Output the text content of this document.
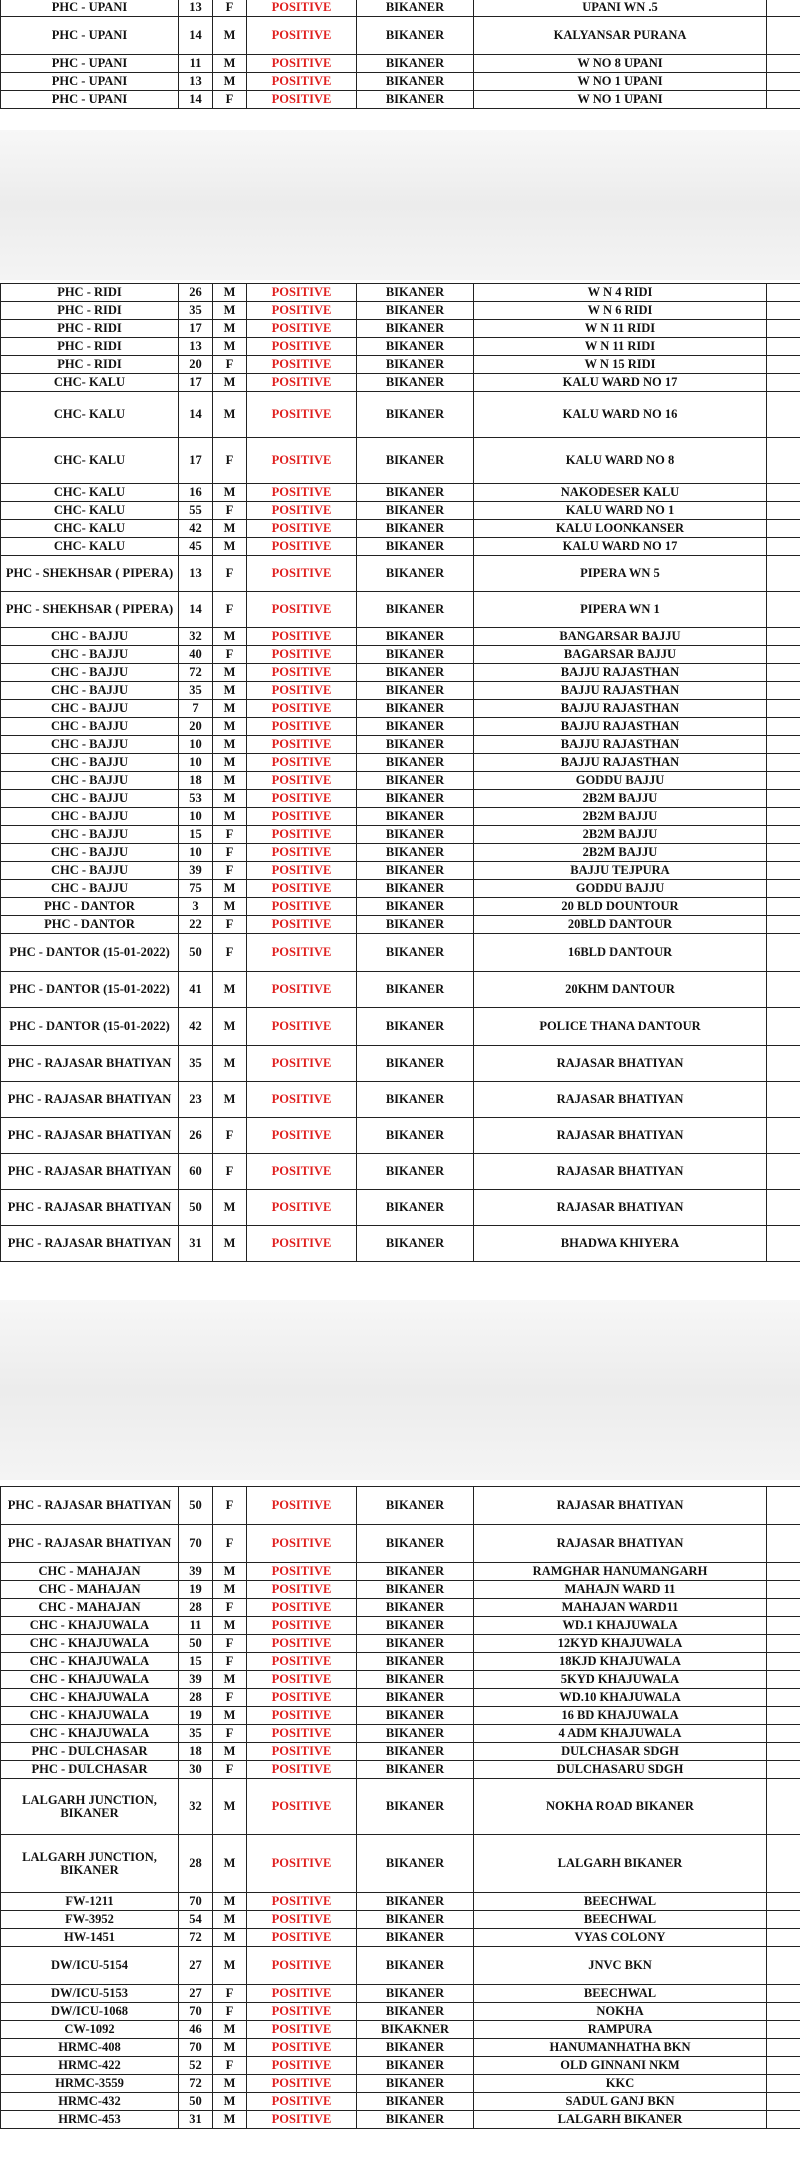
PHC - UPANI	13	F	POSITIVE	BIKANER	UPANI WN .5	
PHC - UPANI	14	M	POSITIVE	BIKANER	KALYANSAR PURANA	
PHC - UPANI	11	M	POSITIVE	BIKANER	W NO 8 UPANI	
PHC - UPANI	13	M	POSITIVE	BIKANER	W NO 1 UPANI	
PHC - UPANI	14	F	POSITIVE	BIKANER	W NO 1 UPANI	
PHC - RIDI	26	M	POSITIVE	BIKANER	W N 4 RIDI	
PHC - RIDI	35	M	POSITIVE	BIKANER	W N 6 RIDI	
PHC - RIDI	17	M	POSITIVE	BIKANER	W N 11 RIDI	
PHC - RIDI	13	M	POSITIVE	BIKANER	W N 11 RIDI	
PHC - RIDI	20	F	POSITIVE	BIKANER	W N 15 RIDI	
CHC- KALU	17	M	POSITIVE	BIKANER	KALU WARD NO 17	
CHC- KALU	14	M	POSITIVE	BIKANER	KALU WARD NO 16	
CHC- KALU	17	F	POSITIVE	BIKANER	KALU WARD NO 8	
CHC- KALU	16	M	POSITIVE	BIKANER	NAKODESER KALU	
CHC- KALU	55	F	POSITIVE	BIKANER	KALU WARD NO 1	
CHC- KALU	42	M	POSITIVE	BIKANER	KALU LOONKANSER	
CHC- KALU	45	M	POSITIVE	BIKANER	KALU WARD NO 17	
PHC - SHEKHSAR ( PIPERA)	13	F	POSITIVE	BIKANER	PIPERA WN 5	
PHC - SHEKHSAR ( PIPERA)	14	F	POSITIVE	BIKANER	PIPERA WN 1	
CHC - BAJJU	32	M	POSITIVE	BIKANER	BANGARSAR BAJJU	
CHC - BAJJU	40	F	POSITIVE	BIKANER	BAGARSAR BAJJU	
CHC - BAJJU	72	M	POSITIVE	BIKANER	BAJJU RAJASTHAN	
CHC - BAJJU	35	M	POSITIVE	BIKANER	BAJJU RAJASTHAN	
CHC - BAJJU	7	M	POSITIVE	BIKANER	BAJJU RAJASTHAN	
CHC - BAJJU	20	M	POSITIVE	BIKANER	BAJJU RAJASTHAN	
CHC - BAJJU	10	M	POSITIVE	BIKANER	BAJJU RAJASTHAN	
CHC - BAJJU	10	M	POSITIVE	BIKANER	BAJJU RAJASTHAN	
CHC - BAJJU	18	M	POSITIVE	BIKANER	GODDU BAJJU	
CHC - BAJJU	53	M	POSITIVE	BIKANER	2B2M BAJJU	
CHC - BAJJU	10	M	POSITIVE	BIKANER	2B2M BAJJU	
CHC - BAJJU	15	F	POSITIVE	BIKANER	2B2M BAJJU	
CHC - BAJJU	10	F	POSITIVE	BIKANER	2B2M BAJJU	
CHC - BAJJU	39	F	POSITIVE	BIKANER	BAJJU TEJPURA	
CHC - BAJJU	75	M	POSITIVE	BIKANER	GODDU BAJJU	
PHC - DANTOR	3	M	POSITIVE	BIKANER	20 BLD DOUNTOUR	
PHC - DANTOR	22	F	POSITIVE	BIKANER	20BLD DANTOUR	
PHC - DANTOR (15-01-2022)	50	F	POSITIVE	BIKANER	16BLD DANTOUR	
PHC - DANTOR (15-01-2022)	41	M	POSITIVE	BIKANER	20KHM DANTOUR	
PHC - DANTOR (15-01-2022)	42	M	POSITIVE	BIKANER	POLICE THANA DANTOUR	
PHC - RAJASAR BHATIYAN	35	M	POSITIVE	BIKANER	RAJASAR BHATIYAN	
PHC - RAJASAR BHATIYAN	23	M	POSITIVE	BIKANER	RAJASAR BHATIYAN	
PHC - RAJASAR BHATIYAN	26	F	POSITIVE	BIKANER	RAJASAR BHATIYAN	
PHC - RAJASAR BHATIYAN	60	F	POSITIVE	BIKANER	RAJASAR BHATIYAN	
PHC - RAJASAR BHATIYAN	50	M	POSITIVE	BIKANER	RAJASAR BHATIYAN	
PHC - RAJASAR BHATIYAN	31	M	POSITIVE	BIKANER	BHADWA KHIYERA	
PHC - RAJASAR BHATIYAN	50	F	POSITIVE	BIKANER	RAJASAR BHATIYAN	
PHC - RAJASAR BHATIYAN	70	F	POSITIVE	BIKANER	RAJASAR BHATIYAN	
CHC - MAHAJAN	39	M	POSITIVE	BIKANER	RAMGHAR HANUMANGARH	
CHC - MAHAJAN	19	M	POSITIVE	BIKANER	MAHAJN WARD 11	
CHC - MAHAJAN	28	F	POSITIVE	BIKANER	MAHAJAN WARD11	
CHC - KHAJUWALA	11	M	POSITIVE	BIKANER	WD.1 KHAJUWALA	
CHC - KHAJUWALA	50	F	POSITIVE	BIKANER	12KYD KHAJUWALA	
CHC - KHAJUWALA	15	F	POSITIVE	BIKANER	18KJD KHAJUWALA	
CHC - KHAJUWALA	39	M	POSITIVE	BIKANER	5KYD KHAJUWALA	
CHC - KHAJUWALA	28	F	POSITIVE	BIKANER	WD.10 KHAJUWALA	
CHC - KHAJUWALA	19	M	POSITIVE	BIKANER	16 BD KHAJUWALA	
CHC - KHAJUWALA	35	F	POSITIVE	BIKANER	4 ADM KHAJUWALA	
PHC - DULCHASAR	18	M	POSITIVE	BIKANER	DULCHASAR SDGH	
PHC - DULCHASAR	30	F	POSITIVE	BIKANER	DULCHASARU SDGH	
LALGARH JUNCTION, BIKANER	32	M	POSITIVE	BIKANER	NOKHA ROAD BIKANER	
LALGARH JUNCTION, BIKANER	28	M	POSITIVE	BIKANER	LALGARH BIKANER	
FW-1211	70	M	POSITIVE	BIKANER	BEECHWAL	
FW-3952	54	M	POSITIVE	BIKANER	BEECHWAL	
HW-1451	72	M	POSITIVE	BIKANER	VYAS COLONY	
DW/ICU-5154	27	M	POSITIVE	BIKANER	JNVC BKN	
DW/ICU-5153	27	F	POSITIVE	BIKANER	BEECHWAL	
DW/ICU-1068	70	F	POSITIVE	BIKANER	NOKHA	
CW-1092	46	M	POSITIVE	BIKAKNER	RAMPURA	
HRMC-408	70	M	POSITIVE	BIKANER	HANUMANHATHA BKN	
HRMC-422	52	F	POSITIVE	BIKANER	OLD GINNANI NKM	
HRMC-3559	72	M	POSITIVE	BIKANER	KKC	
HRMC-432	50	M	POSITIVE	BIKANER	SADUL GANJ BKN	
HRMC-453	31	M	POSITIVE	BIKANER	LALGARH BIKANER	
